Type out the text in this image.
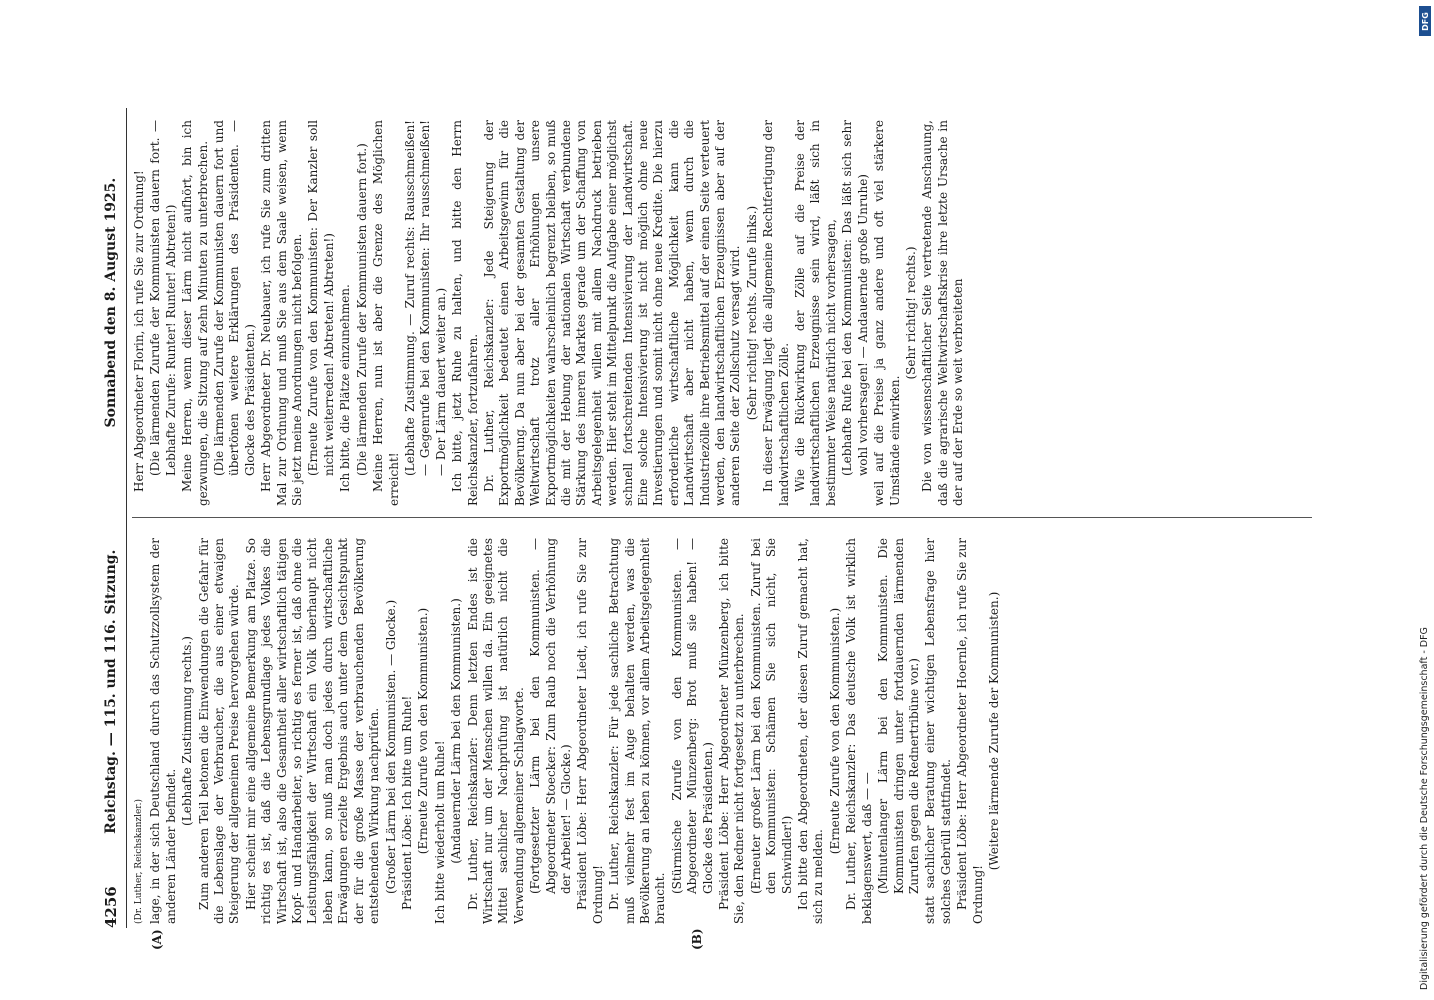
4256
Reichstag. — 115. und 116. Sitzung.
Sonnabend den 8. August 1925.
(A)	(B)

(Dr. Luther, Reichskanzler.) lage, in der sich Deutschland durch das Schutzzollsystem der anderen Länder befindet.

(Lebhafte Zustimmung rechts.) Zum anderen Teil betonen die Einwendungen die Gefahr für die Lebenslage der Verbraucher, die aus einer etwaigen Steigerung der allgemeinen Preise hervorgehen würde. Hier scheint mir eine allgemeine Bemerkung am Platze. So richtig es ist, daß die Lebensgrundlage jedes Volkes die Wirtschaft ist, also die Gesamtheit aller wirtschaftlich tätigen Kopf- und Handarbeiter, so richtig es ferner ist, daß ohne die Leistungsfähigkeit der Wirtschaft ein Volk überhaupt nicht leben kann, so muß man doch jedes durch wirtschaftliche Erwägungen erzielte Ergebnis auch unter dem Gesichtspunkt der für die große Masse der verbrauchenden Bevölkerung entstehenden Wirkung nachprüfen. (Großer Lärm bei den Kommunisten. — Glocke.) Präsident Löbe: Ich bitte um Ruhe! (Erneute Zurufe von den Kommunisten.) Ich bitte wiederholt um Ruhe! (Andauernder Lärm bei den Kommunisten.) Dr. Luther, Reichskanzler: Denn letzten Endes ist die Wirtschaft nur um der Menschen willen da. Ein geeignetes Mittel sachlicher Nachprüfung ist natürlich nicht die Verwendung allgemeiner Schlagworte. (Fortgesetzter Lärm bei den Kommunisten. — Abgeordneter Stoecker: Zum Raub noch die Verhöhnung der Arbeiter! — Glocke.) Präsident Löbe: Herr Abgeordneter Liedt, ich rufe Sie zur Ordnung! Dr. Luther, Reichskanzler: Für jede sachliche Betrachtung muß vielmehr fest im Auge behalten werden, was die Bevölkerung an leben zu können, vor allem Arbeitsgelegenheit braucht.

(Stürmische Zurufe von den Kommunisten. — Abgeordneter Münzenberg: Brot muß sie haben! — Glocke des Präsidenten.) Präsident Löbe: Herr Abgeordneter Münzenberg, ich bitte Sie, den Redner nicht fortgesetzt zu unterbrechen. (Erneuter großer Lärm bei den Kommunisten. Zuruf bei den Kommunisten: Schämen Sie sich nicht, Sie Schwindler!) Ich bitte den Abgeordneten, der diesen Zuruf gemacht hat, sich zu melden.

(Erneute Zurufe von den Kommunisten.) Dr. Luther, Reichskanzler: Das deutsche Volk ist wirklich beklagenswert, daß — — (Minutenlanger Lärm bei den Kommunisten. Die Kommunisten dringen unter fortdauernden lärmenden Zurufen gegen die Rednertribüne vor.) statt sachlicher Beratung einer wichtigen Lebensfrage hier solches Gebrüll stattfindet. Präsident Löbe: Herr Abgeordneter Hoernle, ich rufe Sie zur Ordnung!

(Weitere lärmende Zurufe der Kommunisten.)

Herr Abgeordneter Florin, ich rufe Sie zur Ordnung! (Die lärmenden Zurufe der Kommunisten dauern fort. — Lebhafte Zurufe: Runter! Runter! Abtreten!) Meine Herren, wenn dieser Lärm nicht aufhört, bin ich gezwungen, die Sitzung auf zehn Minuten zu unterbrechen. (Die lärmenden Zurufe der Kommunisten dauern fort und übertönen weitere Erklärungen des Präsidenten. — Glocke des Präsidenten.) Herr Abgeordneter Dr. Neubauer, ich rufe Sie zum dritten Mal zur Ordnung und muß Sie aus dem Saale weisen, wenn Sie jetzt meine Anordnungen nicht befolgen. (Erneute Zurufe von den Kommunisten: Der Kanzler soll nicht weiterreden! Abtreten! Abtreten!) Ich bitte, die Plätze einzunehmen. (Die lärmenden Zurufe der Kommunisten dauern fort.) Meine Herren, nun ist aber die Grenze des Möglichen erreicht!

(Lebhafte Zustimmung. — Zuruf rechts: Rausschmeißen! — Gegenrufe bei den Kommunisten: Ihr rausschmeißen! — Der Lärm dauert weiter an.) Ich bitte, jetzt Ruhe zu halten, und bitte den Herrn Reichskanzler, fortzufahren. Dr. Luther, Reichskanzler: Jede Steigerung der Exportmöglichkeit bedeutet einen Arbeitsgewinn für die Bevölkerung. Da nun aber bei der gesamten Gestaltung der Weltwirtschaft trotz aller Erhöhungen unsere Exportmöglichkeiten wahrscheinlich begrenzt bleiben, so muß die mit der Hebung der nationalen Wirtschaft verbundene Stärkung des inneren Marktes gerade um der Schaffung von Arbeitsgelegenheit willen mit allem Nachdruck betrieben werden. Hier steht im Mittelpunkt die Aufgabe einer möglichst schnell fortschreitenden Intensivierung der Landwirtschaft. Eine solche Intensivierung ist nicht möglich ohne neue Investierungen und somit nicht ohne neue Kredite. Die hierzu erforderliche wirtschaftliche Möglichkeit kann die Landwirtschaft aber nicht haben, wenn durch die Industriezölle ihre Betriebsmittel auf der einen Seite verteuert werden, den landwirtschaftlichen Erzeugnissen aber auf der anderen Seite der Zollschutz versagt wird. (Sehr richtig! rechts. Zurufe links.) In dieser Erwägung liegt die allgemeine Rechtfertigung der landwirtschaftlichen Zölle. Wie die Rückwirkung der Zölle auf die Preise der landwirtschaftlichen Erzeugnisse sein wird, läßt sich in bestimmter Weise natürlich nicht vorhersagen, (Lebhafte Rufe bei den Kommunisten: Das läßt sich sehr wohl vorhersagen! — Andauernde große Unruhe) weil auf die Preise ja ganz andere und oft viel stärkere Umstände einwirken.

(Sehr richtig! rechts.) Die von wissenschaftlicher Seite vertretende Anschauung, daß die agrarische Weltwirtschaftskrise ihre letzte Ursache in der auf der Erde so weit verbreiteten

Digitalisierung gefördert durch die Deutsche Forschungsgemeinschaft - DFG
DFG
